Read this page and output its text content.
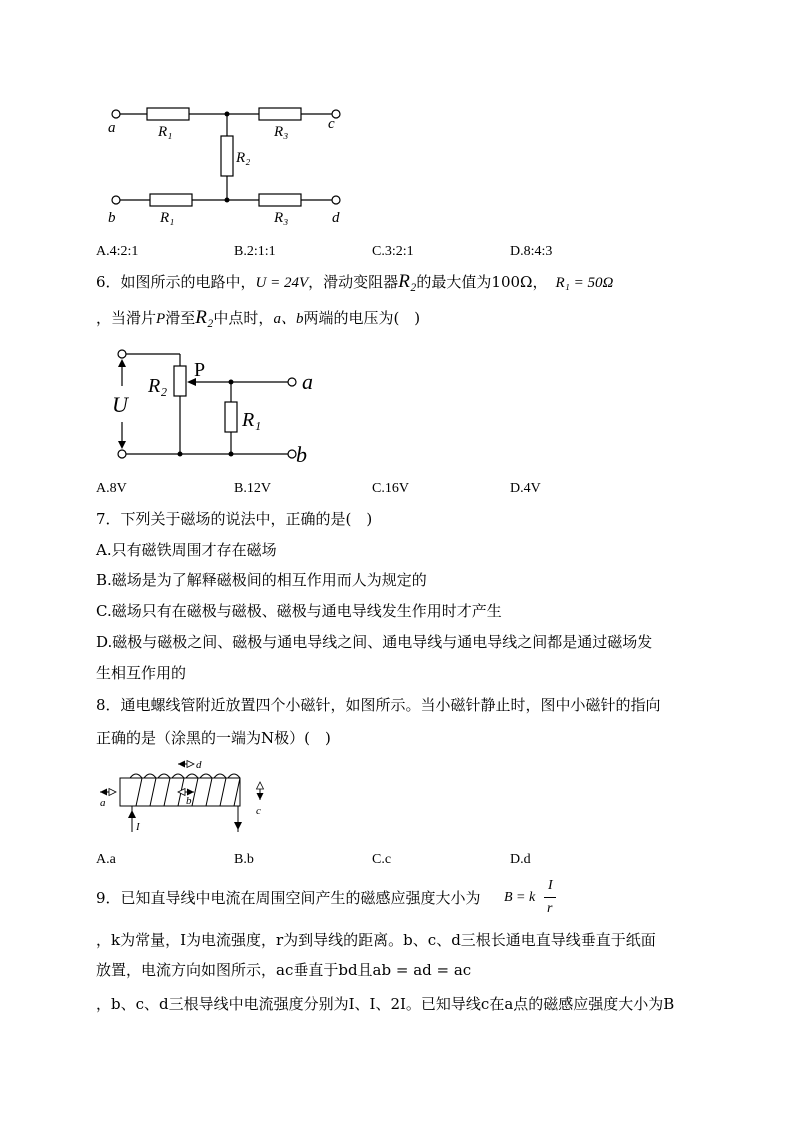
a	R₁	R₃	c
R₂
b	R₁	R₃	d
A.4:2:1	B.2:1:1	C.3:2:1	D.8:4:3
6．如图所示的电路中，U = 24V，滑动变阻器R₂的最大值为100Ω， R₁ = 50Ω
，当滑片P滑至R₂中点时，a、b两端的电压为(　)
P	a
b
U
R₂
R₁
A.8V	B.12V	C.16V	D.4V
7．下列关于磁场的说法中，正确的是(　)
A.只有磁铁周围才存在磁场
B.磁场是为了解释磁极间的相互作用而人为规定的
C.磁场只有在磁极与磁极、磁极与通电导线发生作用时才产生
D.磁极与磁极之间、磁极与通电导线之间、通电导线与通电导线之间都是通过磁场发
生相互作用的
8．通电螺线管附近放置四个小磁针，如图所示。当小磁针静止时，图中小磁针的指向
正确的是（涂黑的一端为N极）(　)
a	b
c
d
I
A.a	B.b	C.c	D.d
9．已知直导线中电流在周围空间产生的磁感应强度大小为 B = k
I
r
，k为常量，I为电流强度，r为到导线的距离。b、c、d三根长通电直导线垂直于纸面
放置，电流方向如图所示，ac垂直于bd且ab = ad = ac
，b、c、d三根导线中电流强度分别为I、I、2I。已知导线c在a点的磁感应强度大小为B
